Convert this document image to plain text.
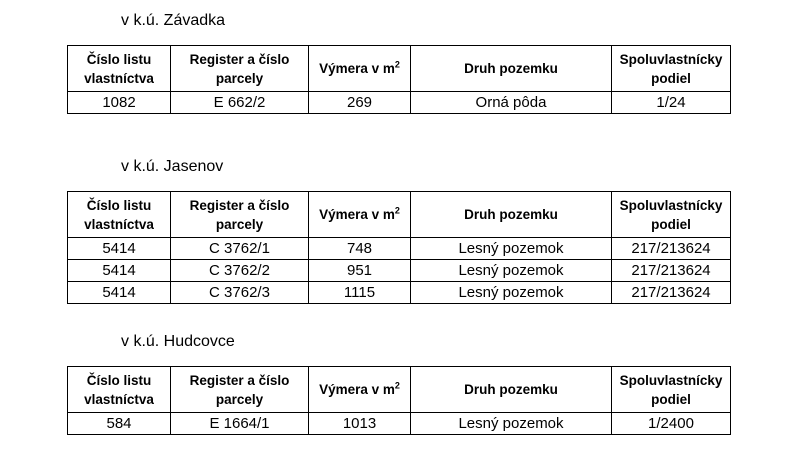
v k.ú. Závadka
Číslo listu vlastníctva	Register a číslo parcely	Výmera v $m^2$	Druh pozemku	Spoluvlastnícky podiel
1082	E 662/2	269	Orná pôda	1/24
v k.ú. Jasenov
Číslo listu vlastníctva	Register a číslo parcely	Výmera v $m^2$	Druh pozemku	Spoluvlastnícky podiel
5414	C 3762/1	748	Lesný pozemok	217/213624
5414	C 3762/2	951	Lesný pozemok	217/213624
5414	C 3762/3	1115	Lesný pozemok	217/213624
v k.ú. Hudcovce
Číslo listu vlastníctva	Register a číslo parcely	Výmera v $m^2$	Druh pozemku	Spoluvlastnícky podiel
584	E 1664/1	1013	Lesný pozemok	1/2400
